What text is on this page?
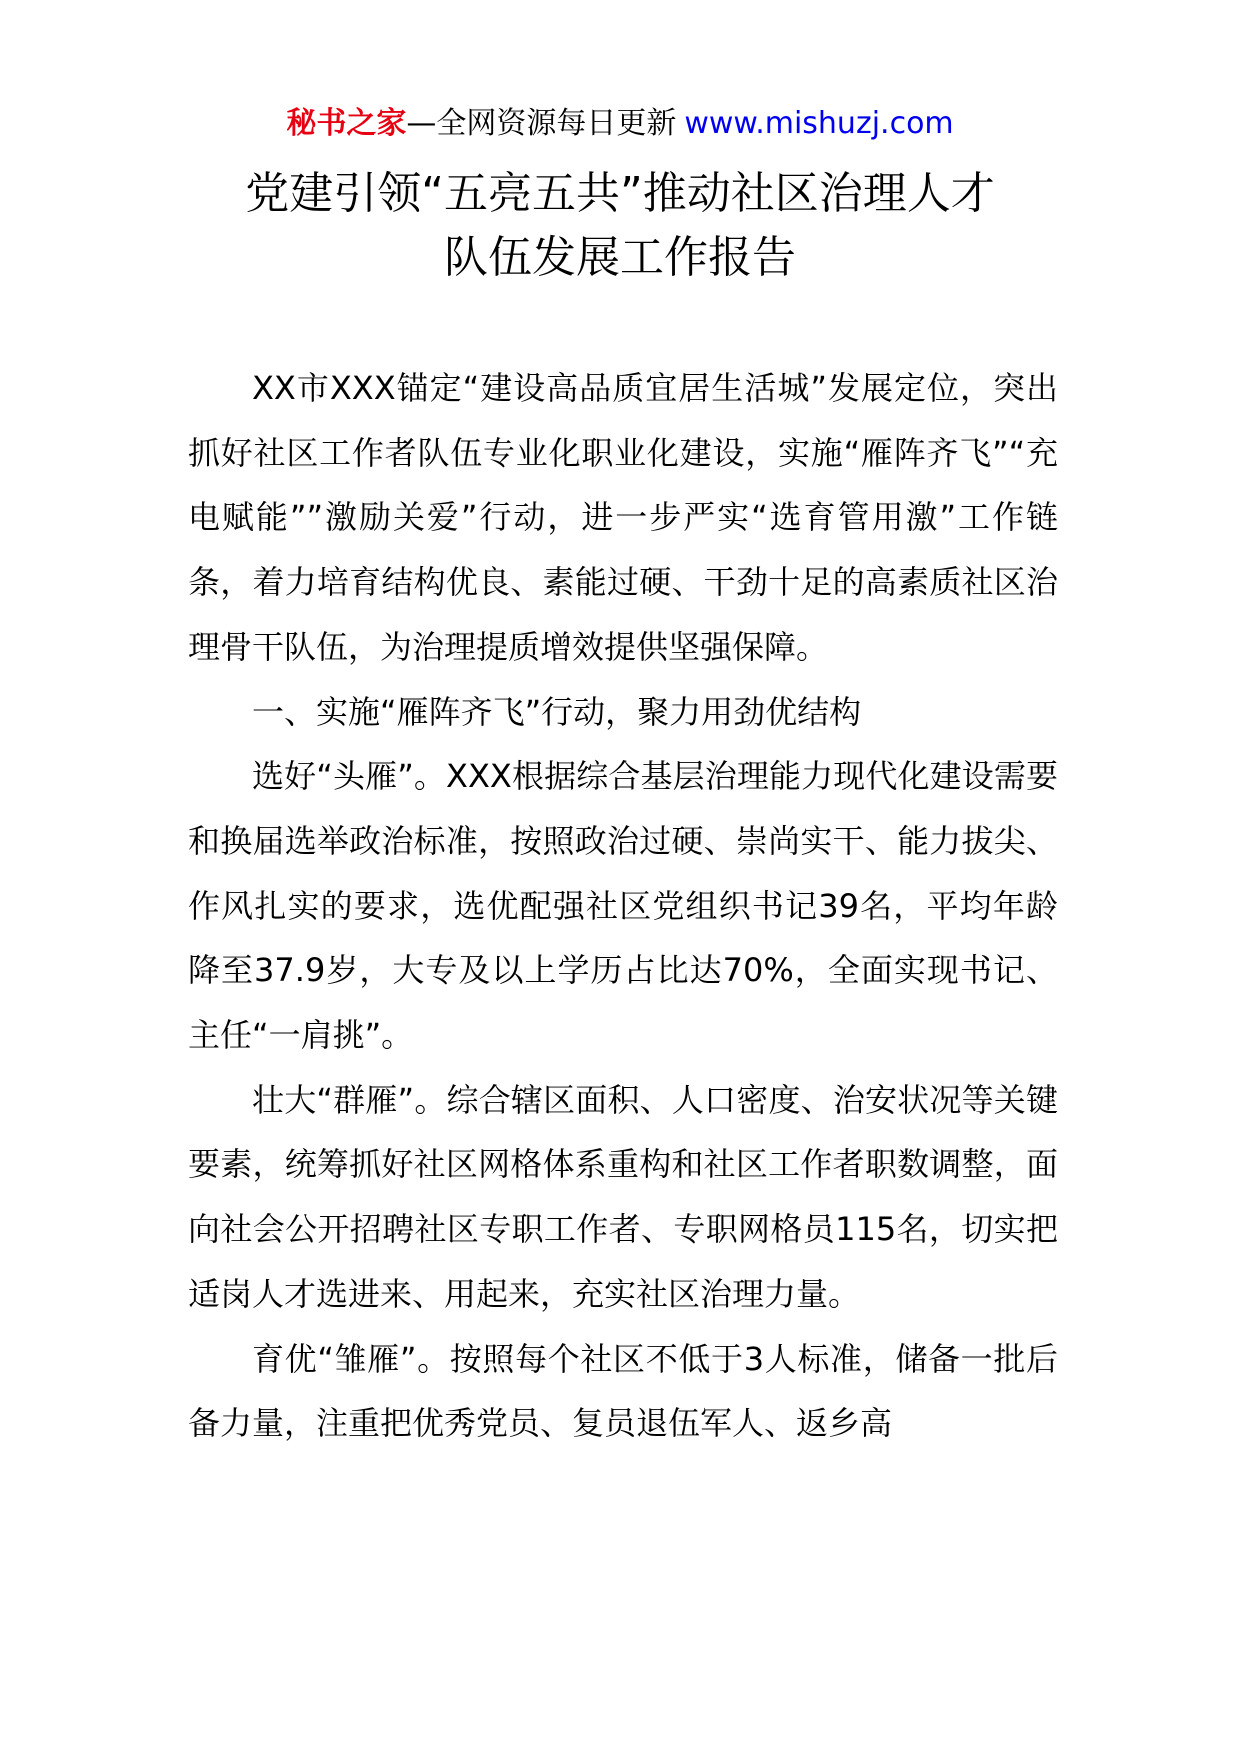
秘书之家—全网资源每日更新 www.mishuzj.com
党建引领“五亮五共”推动社区治理人才
队伍发展工作报告

XX市XXX锚定“建设高品质宜居生活城”发展定位，突出抓好社区工作者队伍专业化职业化建设，实施“雁阵齐飞”“充电赋能””激励关爱”行动，进一步严实“选育管用激”工作链条，着力培育结构优良、素能过硬、干劲十足的高素质社区治理骨干队伍，为治理提质增效提供坚强保障。

一、实施“雁阵齐飞”行动，聚力用劲优结构

选好“头雁”。XXX根据综合基层治理能力现代化建设需要和换届选举政治标准，按照政治过硬、崇尚实干、能力拔尖、作风扎实的要求，选优配强社区党组织书记39名，平均年龄降至37.9岁，大专及以上学历占比达70%，全面实现书记、主任“一肩挑”。

壮大“群雁”。综合辖区面积、人口密度、治安状况等关键要素，统筹抓好社区网格体系重构和社区工作者职数调整，面向社会公开招聘社区专职工作者、专职网格员115名，切实把适岗人才选进来、用起来，充实社区治理力量。

育优“雏雁”。按照每个社区不低于3人标准，储备一批后备力量，注重把优秀党员、复员退伍军人、返乡高
